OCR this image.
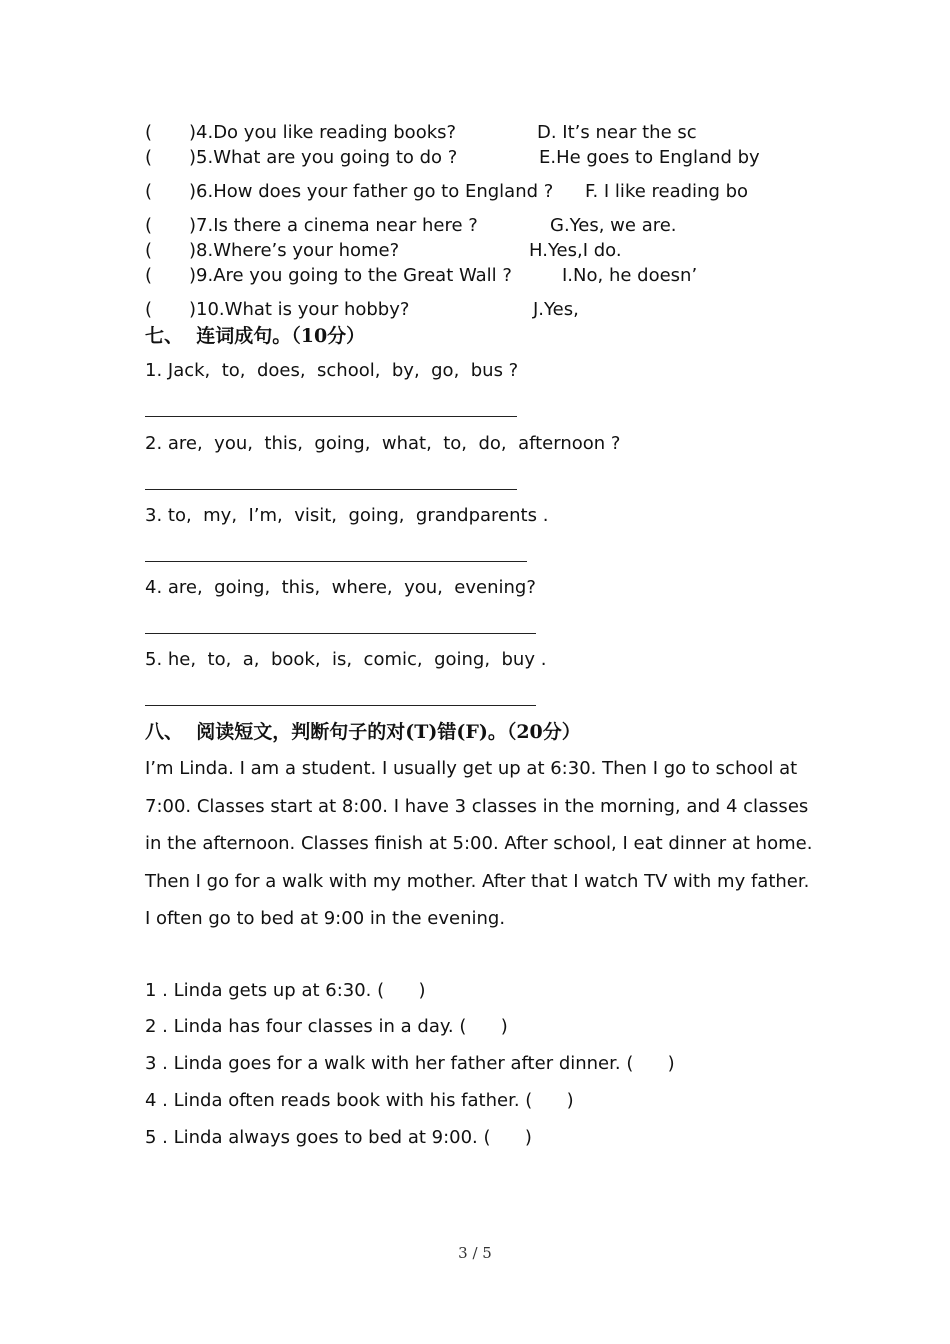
( )4.Do you like reading books?	D. It’s near the sc
( )5.What are you going to do ?	E.He goes to England by
( )6.How does your father go to England ? F. I like reading bo
( )7.Is there a cinema near here ?	G.Yes, we are.
( )8.Where’s your home?	H.Yes,I do.
( )9.Are you going to the Great Wall ?	I.No, he doesn’
( )10.What is your hobby?	J.Yes,
七、  连词成句。（10分）
1. Jack,  to,  does,  school,  by,  go,  bus ?
2. are,  you,  this,  going,  what,  to,  do,  afternoon ?
3. to,  my,  I’m,  visit,  going,  grandparents .
4. are,  going,  this,  where,  you,  evening?
5. he,  to,  a,  book,  is,  comic,  going,  buy .
八、  阅读短文，判断句子的对(T)错(F)。（20分）
I’m Linda. I am a student. I usually get up at 6:30. Then I go to school at 7:00. Classes start at 8:00. I have 3 classes in the morning, and 4 classes in the afternoon. Classes finish at 5:00. After school, I eat dinner at home. Then I go for a walk with my mother. After that I watch TV with my father. I often go to bed at 9:00 in the evening.
1 . Linda gets up at 6:30. (      )
2 . Linda has four classes in a day. (      )
3 . Linda goes for a walk with her father after dinner. (      )
4 . Linda often reads book with his father. (      )
5 . Linda always goes to bed at 9:00. (      )
3 / 5
